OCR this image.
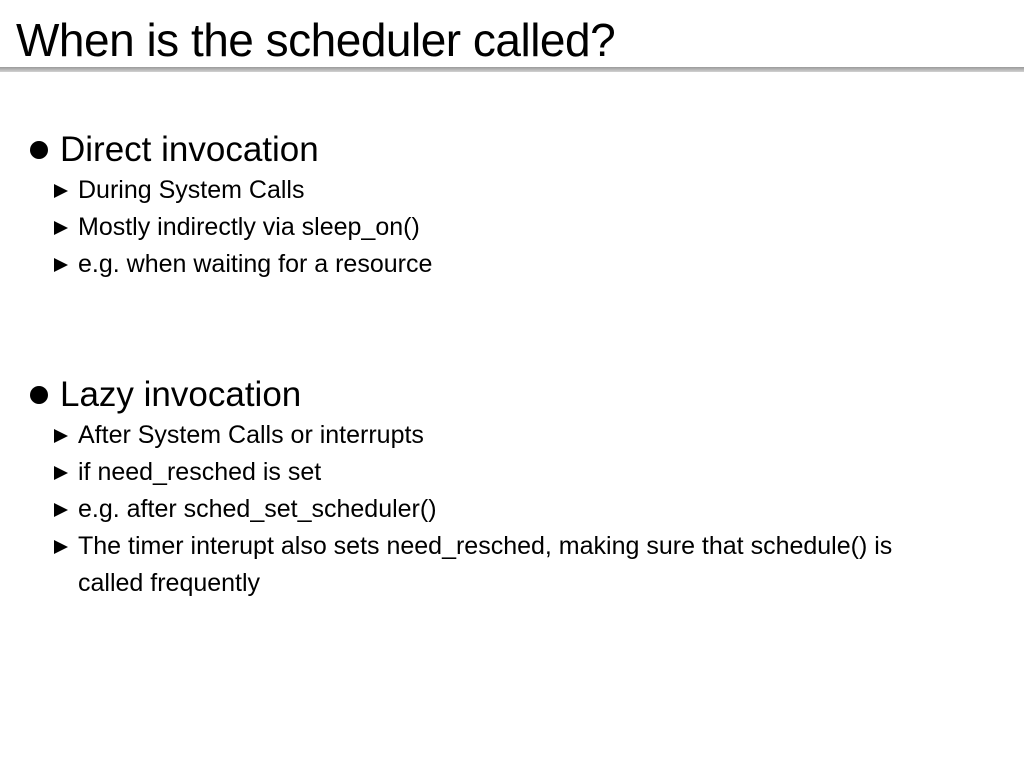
When is the scheduler called?
Direct invocation
During System Calls
Mostly indirectly via sleep_on()
e.g. when waiting for a resource
Lazy invocation
After System Calls or interrupts
if need_resched is set
e.g. after sched_set_scheduler()
The timer interupt also sets need_resched, making sure that schedule() is called frequently
